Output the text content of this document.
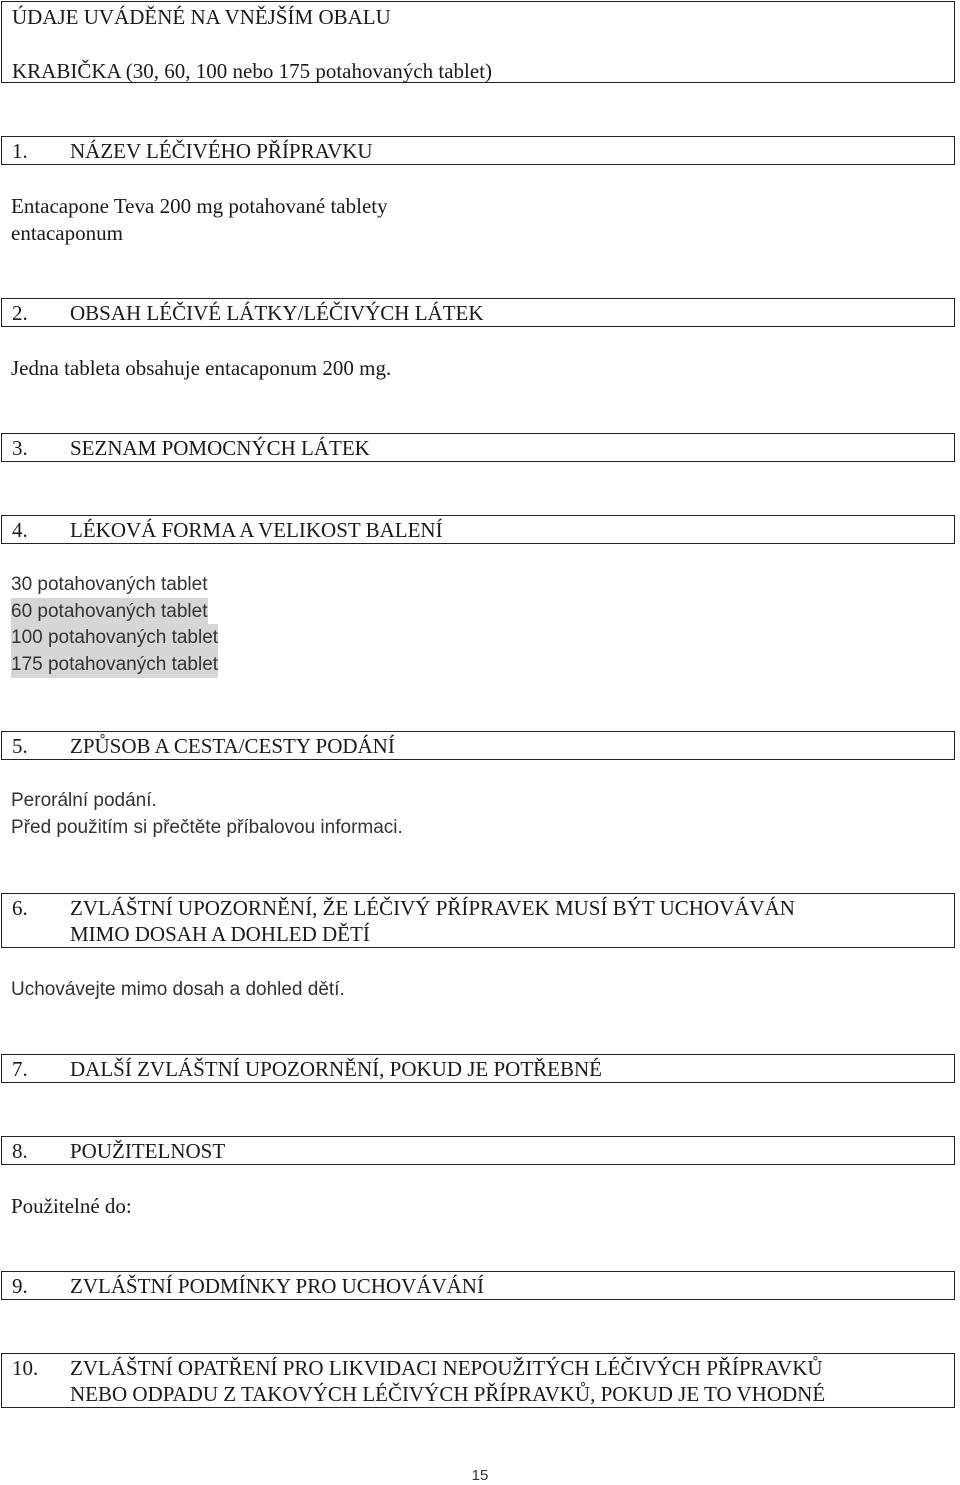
ÚDAJE UVÁDĚNÉ NA VNĚJŠÍM OBALU
KRABIČKA (30, 60, 100 nebo 175 potahovaných tablet)
1. NÁZEV LÉČIVÉHO PŘÍPRAVKU
Entacapone Teva 200 mg potahované tablety
entacaponum
2. OBSAH LÉČIVÉ LÁTKY/LÉČIVÝCH LÁTEK
Jedna tableta obsahuje entacaponum 200 mg.
3. SEZNAM POMOCNÝCH LÁTEK
4. LÉKOVÁ FORMA A VELIKOST BALENÍ
30 potahovaných tablet
60 potahovaných tablet
100 potahovaných tablet
175 potahovaných tablet
5. ZPŮSOB A CESTA/CESTY PODÁNÍ
Perorální podání.
Před použitím si přečtěte příbalovou informaci.
6. ZVLÁŠTNÍ UPOZORNĚNÍ, ŽE LÉČIVÝ PŘÍPRAVEK MUSÍ BÝT UCHOVÁVÁN
MIMO DOSAH A DOHLED DĚTÍ
Uchovávejte mimo dosah a dohled dětí.
7. DALŠÍ ZVLÁŠTNÍ UPOZORNĚNÍ, POKUD JE POTŘEBNÉ
8. POUŽITELNOST
Použitelné do:
9. ZVLÁŠTNÍ PODMÍNKY PRO UCHOVÁVÁNÍ
10. ZVLÁŠTNÍ OPATŘENÍ PRO LIKVIDACI NEPOUŽITÝCH LÉČIVÝCH PŘÍPRAVKŮ
NEBO ODPADU Z TAKOVÝCH LÉČIVÝCH PŘÍPRAVKŮ, POKUD JE TO VHODNÉ
15
